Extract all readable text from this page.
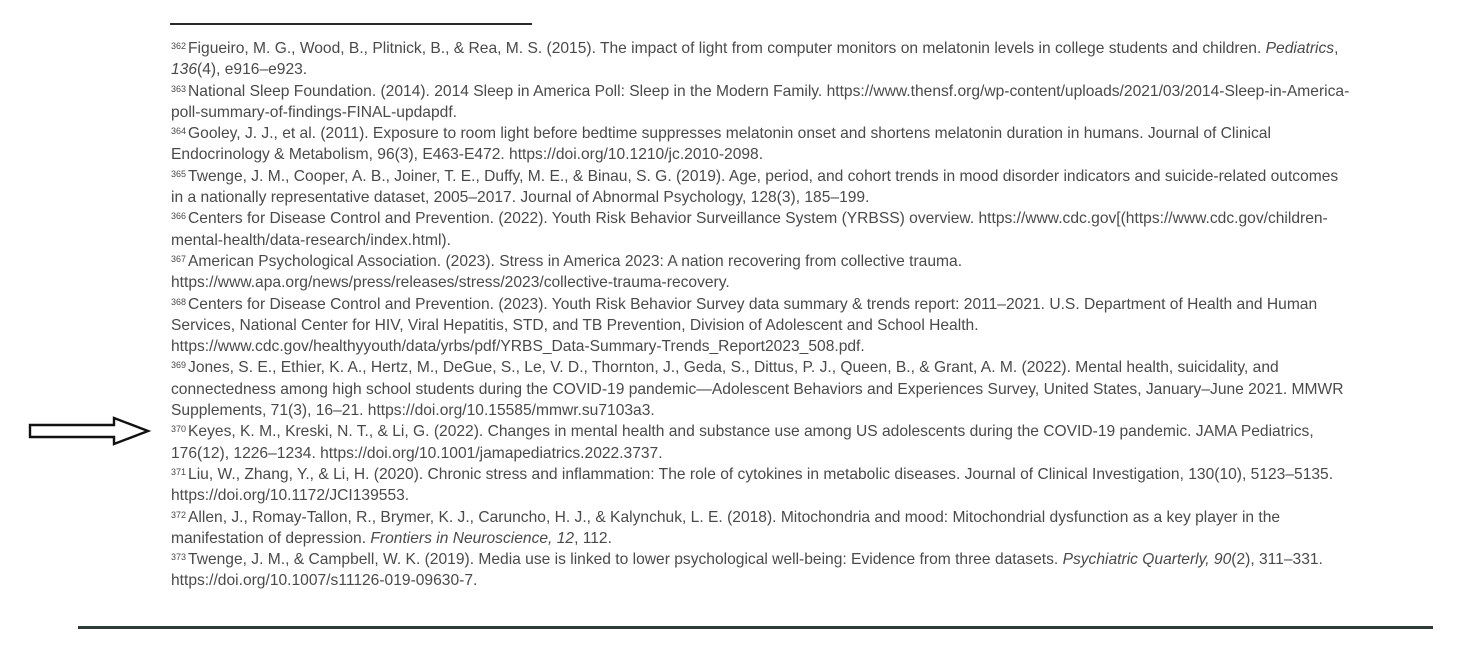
$^{362}$ Figueiro, M. G., Wood, B., Plitnick, B., & Rea, M. S. (2015). The impact of light from computer monitors on melatonin levels in college students and children. Pediatrics, 136(4), e916–e923.

$^{363}$ National Sleep Foundation. (2014). 2014 Sleep in America Poll: Sleep in the Modern Family. https://www.thensf.org/wp-content/uploads/2021/03/2014-Sleep-in-America-poll-summary-of-findings-FINAL-updapdf.

$^{364}$ Gooley, J. J., et al. (2011). Exposure to room light before bedtime suppresses melatonin onset and shortens melatonin duration in humans. Journal of Clinical Endocrinology & Metabolism, 96(3), E463-E472. https://doi.org/10.1210/jc.2010-2098.

$^{365}$ Twenge, J. M., Cooper, A. B., Joiner, T. E., Duffy, M. E., & Binau, S. G. (2019). Age, period, and cohort trends in mood disorder indicators and suicide-related outcomes in a nationally representative dataset, 2005–2017. Journal of Abnormal Psychology, 128(3), 185–199.

$^{366}$ Centers for Disease Control and Prevention. (2022). Youth Risk Behavior Surveillance System (YRBSS) overview. https://www.cdc.gov[(https://www.cdc.gov/children-mental-health/data-research/index.html).

$^{367}$ American Psychological Association. (2023). Stress in America 2023: A nation recovering from collective trauma. https://www.apa.org/news/press/releases/stress/2023/collective-trauma-recovery.

$^{368}$ Centers for Disease Control and Prevention. (2023). Youth Risk Behavior Survey data summary & trends report: 2011–2021. U.S. Department of Health and Human Services, National Center for HIV, Viral Hepatitis, STD, and TB Prevention, Division of Adolescent and School Health. https://www.cdc.gov/healthyyouth/data/yrbs/pdf/YRBS_Data-Summary-Trends_Report2023_508.pdf.

$^{369}$ Jones, S. E., Ethier, K. A., Hertz, M., DeGue, S., Le, V. D., Thornton, J., Geda, S., Dittus, P. J., Queen, B., & Grant, A. M. (2022). Mental health, suicidality, and connectedness among high school students during the COVID-19 pandemic—Adolescent Behaviors and Experiences Survey, United States, January–June 2021. MMWR Supplements, 71(3), 16–21. https://doi.org/10.15585/mmwr.su7103a3.

$^{370}$ Keyes, K. M., Kreski, N. T., & Li, G. (2022). Changes in mental health and substance use among US adolescents during the COVID-19 pandemic. JAMA Pediatrics, 176(12), 1226–1234. https://doi.org/10.1001/jamapediatrics.2022.3737.

$^{371}$ Liu, W., Zhang, Y., & Li, H. (2020). Chronic stress and inflammation: The role of cytokines in metabolic diseases. Journal of Clinical Investigation, 130(10), 5123–5135. https://doi.org/10.1172/JCI139553.

$^{372}$ Allen, J., Romay-Tallon, R., Brymer, K. J., Caruncho, H. J., & Kalynchuk, L. E. (2018). Mitochondria and mood: Mitochondrial dysfunction as a key player in the manifestation of depression. Frontiers in Neuroscience, 12, 112.

$^{373}$ Twenge, J. M., & Campbell, W. K. (2019). Media use is linked to lower psychological well-being: Evidence from three datasets. Psychiatric Quarterly, 90(2), 311–331. https://doi.org/10.1007/s11126-019-09630-7.
